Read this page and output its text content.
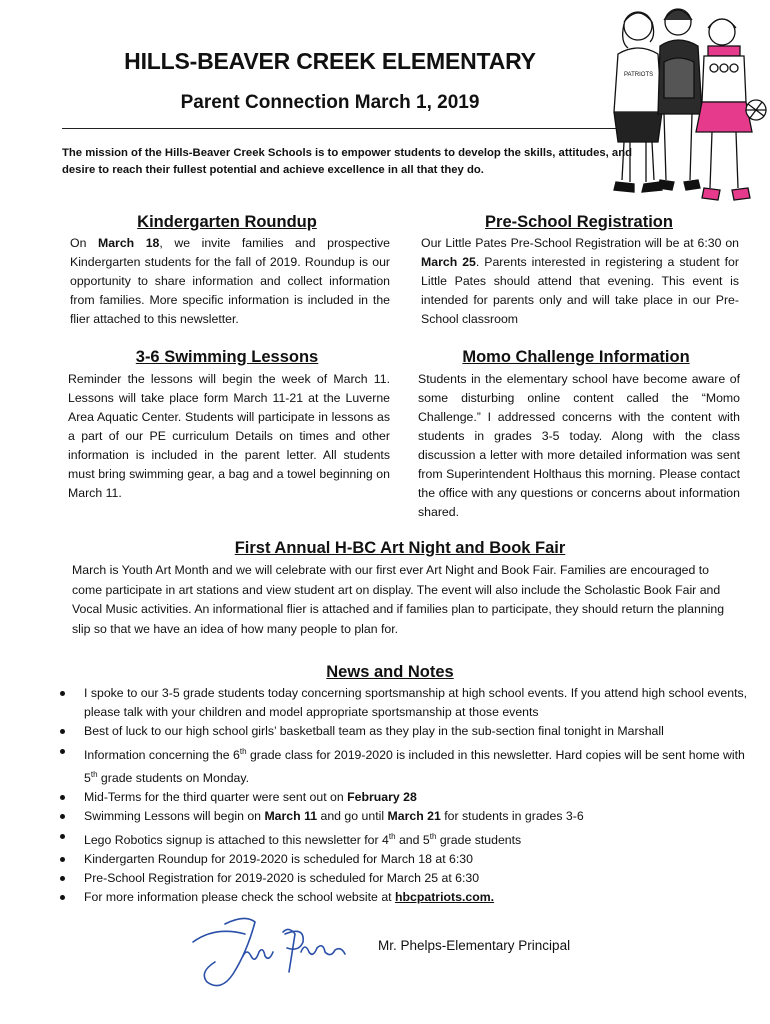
HILLS-BEAVER CREEK ELEMENTARY
Parent Connection March 1, 2019
The mission of the Hills-Beaver Creek Schools is to empower students to develop the skills, attitudes, and desire to reach their fullest potential and achieve excellence in all that they do.
PATRIOTS
Kindergarten Roundup
On March 18, we invite families and prospective Kindergarten students for the fall of 2019. Roundup is our opportunity to share information and collect information from families. More specific information is included in the flier attached to this newsletter.
Pre-School Registration
Our Little Pates Pre-School Registration will be at 6:30 on March 25. Parents interested in registering a student for Little Pates should attend that evening. This event is intended for parents only and will take place in our Pre-School classroom
3-6 Swimming Lessons
Reminder the lessons will begin the week of March 11. Lessons will take place form March 11-21 at the Luverne Area Aquatic Center. Students will participate in lessons as a part of our PE curriculum Details on times and other information is included in the parent letter. All students must bring swimming gear, a bag and a towel beginning on March 11.
Momo Challenge Information
Students in the elementary school have become aware of some disturbing online content called the “Momo Challenge.” I addressed concerns with the content with students in grades 3-5 today. Along with the class discussion a letter with more detailed information was sent from Superintendent Holthaus this morning. Please contact the office with any questions or concerns about information shared.
First Annual H-BC Art Night and Book Fair
March is Youth Art Month and we will celebrate with our first ever Art Night and Book Fair. Families are encouraged to come participate in art stations and view student art on display. The event will also include the Scholastic Book Fair and Vocal Music activities. An informational flier is attached and if families plan to participate, they should return the planning slip so that we have an idea of how many people to plan for.
News and Notes
I spoke to our 3-5 grade students today concerning sportsmanship at high school events. If you attend high school events, please talk with your children and model appropriate sportsmanship at those events
Best of luck to our high school girls’ basketball team as they play in the sub-section final tonight in Marshall
Information concerning the 6th grade class for 2019-2020 is included in this newsletter. Hard copies will be sent home with 5th grade students on Monday.
Mid-Terms for the third quarter were sent out on February 28
Swimming Lessons will begin on March 11 and go until March 21 for students in grades 3-6
Lego Robotics signup is attached to this newsletter for 4th and 5th grade students
Kindergarten Roundup for 2019-2020 is scheduled for March 18 at 6:30
Pre-School Registration for 2019-2020 is scheduled for March 25 at 6:30
For more information please check the school website at hbcpatriots.com.
Mr. Phelps-Elementary Principal
